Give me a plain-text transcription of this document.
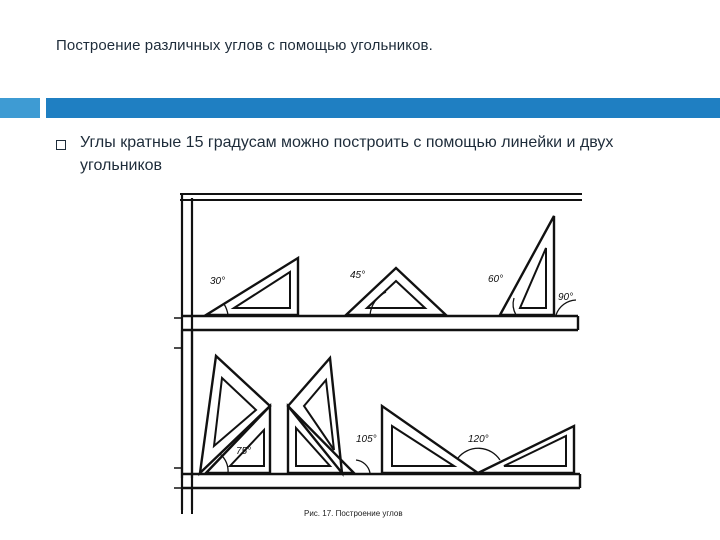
Построение различных углов с помощью угольников.
Углы кратные 15 градусам можно построить с помощью линейки и двух угольников
30°
45°	60°
90°
75°
105°	120°
Рис. 17. Построение углов
